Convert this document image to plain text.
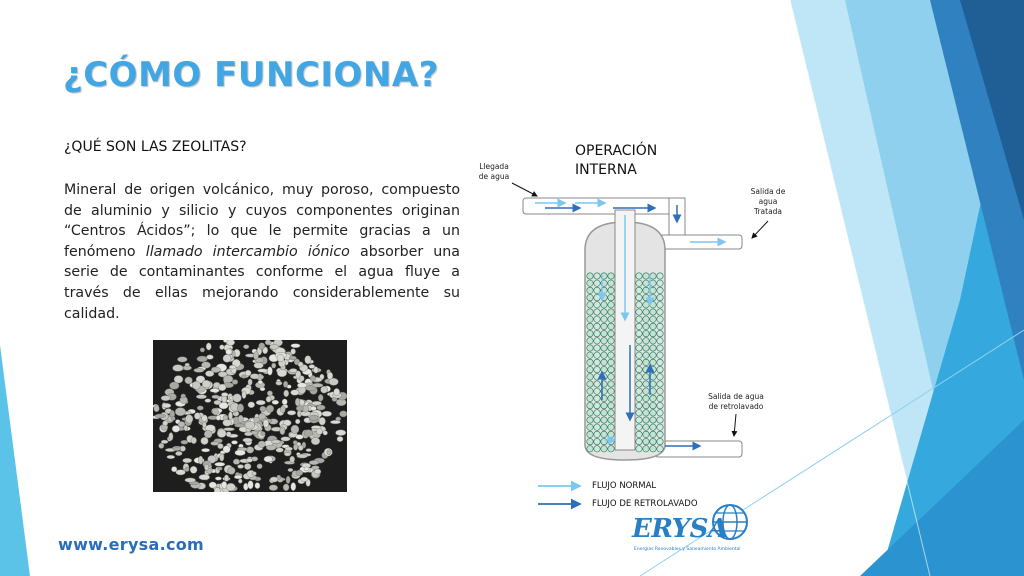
¿CÓMO FUNCIONA?
¿QUÉ SON LAS ZEOLITAS?

Mineral de origen volcánico, muy poroso, compuesto de aluminio y silicio y cuyos componentes originan “Centros Ácidos”; lo que le permite gracias a un fenómeno llamado intercambio iónico absorber una serie de contaminantes conforme el agua fluye a través de ellas mejorando considerablemente su calidad.

www.erysa.com

OPERACIÓN
INTERNA
Llegada
de agua
Salida de
agua
Tratada
Salida de agua
de retrolavado
FLUJO NORMAL
FLUJO DE RETROLAVADO
ERYSA
Energías Renovables y Saneamiento Ambiental
